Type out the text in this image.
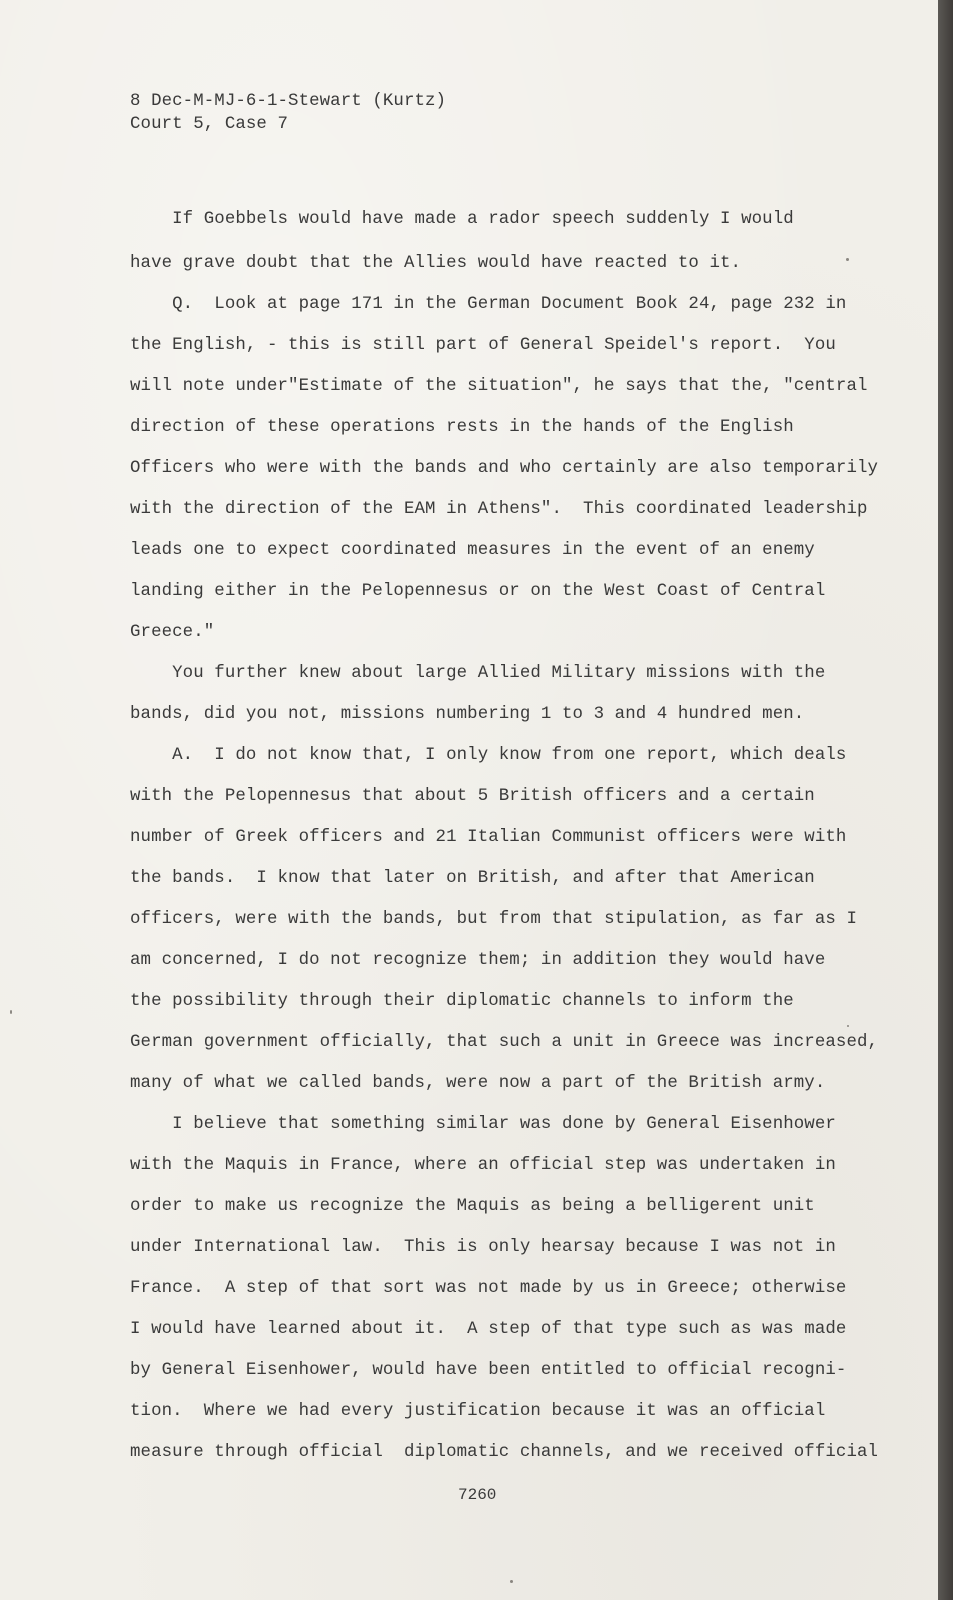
8 Dec-M-MJ-6-1-Stewart (Kurtz)
Court 5, Case 7
If Goebbels would have made a rador speech suddenly I would
have grave doubt that the Allies would have reacted to it.
Q.  Look at page 171 in the German Document Book 24, page 232 in
the English, - this is still part of General Speidel's report.  You
will note under"Estimate of the situation", he says that the, "central
direction of these operations rests in the hands of the English
Officers who were with the bands and who certainly are also temporarily
with the direction of the EAM in Athens".  This coordinated leadership
leads one to expect coordinated measures in the event of an enemy
landing either in the Pelopennesus or on the West Coast of Central
Greece."
You further knew about large Allied Military missions with the
bands, did you not, missions numbering 1 to 3 and 4 hundred men.
A.  I do not know that, I only know from one report, which deals
with the Pelopennesus that about 5 British officers and a certain
number of Greek officers and 21 Italian Communist officers were with
the bands.  I know that later on British, and after that American
officers, were with the bands, but from that stipulation, as far as I
am concerned, I do not recognize them; in addition they would have
the possibility through their diplomatic channels to inform the
German government officially, that such a unit in Greece was increased,
many of what we called bands, were now a part of the British army.
I believe that something similar was done by General Eisenhower
with the Maquis in France, where an official step was undertaken in
order to make us recognize the Maquis as being a belligerent unit
under International law.  This is only hearsay because I was not in
France.  A step of that sort was not made by us in Greece; otherwise
I would have learned about it.  A step of that type such as was made
by General Eisenhower, would have been entitled to official recogni-
tion.  Where we had every justification because it was an official
measure through official  diplomatic channels, and we received official
7260
